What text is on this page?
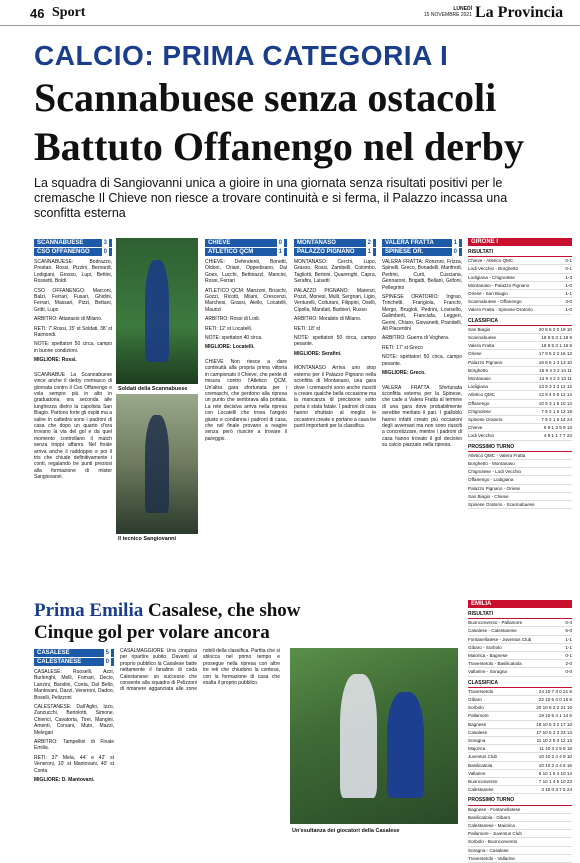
46 Sport	LUNEDÌ
15 NOVEMBRE 2021 La Provincia
CALCIO: PRIMA CATEGORIA I
Scannabuese senza ostacoli
Battuto Offanengo nel derby
La squadra di Sangiovanni unica a gioire in una giornata senza risultati positivi per le cremasche Il Chieve non riesce a trovare continuità e si ferma, il Palazzo incassa una sconfitta esterna
SCANNABUESE	3
CSO OFFANENGO	0

SCANNABUESE: Bodrazzo, Prestan, Rossi, Pizzini, Bernardi, Lodigiani, Grosso, Lupi, Bettini, Rossetti, Boldi

CSO OFFANENGO: Marconi, Balzi, Ferrari, Fusari, Ghidini, Ferrari, Massari, Pizzi, Bettani, Gritti, Lupo

ARBITRO: Attanasio di Milano.

RETI: 7' Rossi, 15' st Soldati, 38' st Raimondi.

NOTE: spettatori 50 circa, campo in buone condizioni.

MIGLIORE: Rossi.

SCANNABUE La Scannabuese vince anche il derby cremasco di giornata contro il Cso Offanengo e vola sempre più in alto in graduatoria, ora seconda alle lunghezza dietro la capolista San Biagio. Partono forte gli ospiti ma a salire in cattedra sono i padroni di casa che dopo un quarto d'ora trovano la via del gol e da quel momento controllano il match senza troppi affanni. Nel finale arriva anche il raddoppio e poi il tris che chiude definitivamente i conti, regalando tre punti preziosi alla formazione di mister Sangiovanni.

Soldati della Scannabuese
Il tecnico Sangiovanni
CHIEVE	0
ATLETICO QCM	1

CHIEVE: Defendenti, Bonetti, Oldoni, Oriani, Oppedisano, Dal Goes, Lucchi, Bettinazzi, Mancini, Rossi, Ferrari

ATLETICO QCM: Manzoni, Bruschi, Gozzi, Ricotti, Milani, Crescenzi, Marchesi, Grassi, Aiello, Locatelli, Maurizi

ARBITRO: Rossi di Lodi.

RETI: 12' st Locatelli.

NOTE: spettatori 40 circa.

MIGLIORE: Locatelli.

CHIEVE Non riesce a dare continuità alla propria prima vittoria in campionato il Chieve, che perde di misura contro l'Atletico QCM. Un'altra gara sfortunata per i cremaschi, che perdono alla ripresa un punto che sembrava alla portata. La rete decisiva arriva nella ripresa con Locatelli che trova l'angolo giusto e condanna i padroni di casa, che nel finale provano a reagire senza però riuscire a trovare il pareggio.

MONTANASO	2
PALAZZO PIGNANO	1

MONTANASO: Cerchi, Lupo, Grasso, Rossi, Zambelli, Colombo, Tagliotti, Bertoni, Quarenghi, Capra, Serafini, Luisetti

PALAZZO PIGNANO: Marenzi, Pozzi, Monesi, Mulli, Sergnan, Ligio, Venturelli, Colturani, Filippini, Oselli, Cipolla, Mandati, Barbieri, Russo

ARBITRO: Morabito di Milano.

RETI: 18' st

NOTE: spettatori 50 circa, campo pesante.

MIGLIORE: Serafini.

MONTANASO Arriva uno stop esterno per il Palazzo Pignano nella sconfitta di Montanaso, una gara dove i cremaschi sono anche riusciti a creare qualche bella occasione ma la mancanza di precisione sotto porta è stata fatale. I padroni di casa hanno sfruttato al meglio le occasioni create e portano a casa tre punti importanti per la classifica.

VALERA FRATTA	1
SPINESE OR.	0

VALERA FRATTA: Ronzoni, Frizza, Spinelli, Greco, Bonadelli, Manfredi, Pedrini, Curti, Cusciana, Gennaroni, Brigatti, Bellani, Grifoni, Pellegrino

SPINESE ORATORIO: Ingrao, Trinchetti, Frangiola, Franchi, Mergo, Brugioli, Pedrini, Lovisello, Galimberti, Franciafa, Leggeri, Gerini, Chiaro, Giovanetti, Prandelli, Alt Piacentini

ARBITRO: Guerra di Voghera.

RETI: 17' st Greco

NOTE: spettatori 50 circa, campo pesante.

MIGLIORE: Greco.

VALERA FRATTA Sfortunata sconfitta esterna per la Spinese, che cade a Valera Fratta al termine di una gara dove probabilmente avrebbe meritato il pari. I gialloblù hanno infatti creato più occasioni degli avversari ma non sono riusciti a concretizzare, mentre i padroni di casa hanno trovato il gol decisivo su calcio piazzato nella ripresa.

GIRONE I
RISULTATI
Chieve - Atletico QMC	0-1
Lodi Vecchio - Borghetto	0-1
Lodigiana - Chignolese	1-3
Montanaso - Palazzo Pignano	1-0
Oriese - San Biagio	1-1
Scannabuese - Offanengo	3-0
Valera Fratta - Spinese Oratorio	1-0
CLASSIFICA
San Biagio	20 8 6 2 0 19 10
Scannabuese	18 9 5 3 1 18 6
Valera Fratta	18 9 5 3 1 16 5
Oriese	17 9 5 2 2 16 13
Palazzo Pignano	16 9 5 1 3 13 10
Borghetto	15 9 4 3 2 14 11
Montanaso	14 9 4 2 3 13 11
Lodigiana	13 9 3 3 3 12 12
Atletico QMC	12 9 4 0 5 12 14
Offanengo	10 9 3 1 5 10 14
Chignolese	7 9 2 1 6 12 19
Spinese Oratorio	7 9 2 1 6 14 24
Chieve	6 9 1 3 5 9 13
Lodi Vecchio	4 9 1 1 7 7 23
PROSSIMO TURNO
Atletico QMC - Valera Fratta
Borghetto - Montanaso
Chignolese - Lodi Vecchio
Offanengo - Lodigiana
Palazzo Pignano - Oriese
San Biagio - Chieve
Spinese Oratorio - Scannabuese
Prima Emilia Casalese, che show
Cinque gol per volare ancora
CASALESE	5
CALESTANESE	0

CASALESE: Ruoselli, Azzi, Burlenghi, Melli, Fornari, Decio, Lanzini, Bandini, Conta, Dal Bello, Mantovani, Dazzi, Veneroni, Dadoo, Boselli, Pelizzoni

CALESTANESE: Dall'Aglio, Izzo, Zanzucchi, Bertolotti, Simone, Chierici, Cavatorta, Tirei, Mangini, Amenti, Corsani, Muto, Mazzi, Melegari

ARBITRO: Tampellini di Finale Emilia.

RETI: 37' Mela, 44' e 42' st Veneroni, 10' st Mantovani, 40' st Conta

MIGLIORE: D. Mantovani.

CASALMAGGIORE Una cinquina per ripartire subito. Davanti al proprio pubblico la Casalese batte nettamente il fanalino di coda Calestanese: un successo che consente alla squadra di Pelizzoni di rimanere agganciata alle zone nobili della classifica. Partita che si sblocca nel primo tempo e prosegue nella ripresa con altre tre reti che chiudono la contesa, con la formazione di casa che esalta il proprio pubblico.
Un'esultanza dei giocatori della Casalese
EMILIA
RISULTATI
Buonconvento - Pallamore	0-4
Casalese - Calestanese	5-0
Fontanellatese - Juventus Club	1-1
Gibaro - Sorbolo	1-1
Maiorica - Bagnese	0-1
Traversetolo - Basilicatiola	2-0
Vallarine - Soragna	0-0
CLASSIFICA
Traversetolo	24 10 7 3 0 21 5
Gibaro	22 10 6 4 0 15 5
Sorbolo	20 10 6 2 2 21 10
Pallamore	19 10 5 4 1 14 6
Bagnese	18 10 5 3 2 17 10
Casalese	17 10 5 2 3 23 14
Soragna	11 10 2 5 3 12 13
Majorica	11 10 3 2 5 8 18
Juventus Club	10 10 2 4 4 9 10
Basilicatiola	10 10 2 4 4 6 16
Vallarine	8 10 1 5 4 10 14
Buonconvento	7 10 1 4 5 10 23
Calestanese	3 10 0 3 7 5 24
PROSSIMO TURNO
Bagnese - Fontanellatese
Basilicatiola - Gibaro
Calestanese - Maiorica
Pallamore - Juventus Club
Sorbolo - Buonconvento
Soragna - Casalese
Traversetolo - Vallarine
